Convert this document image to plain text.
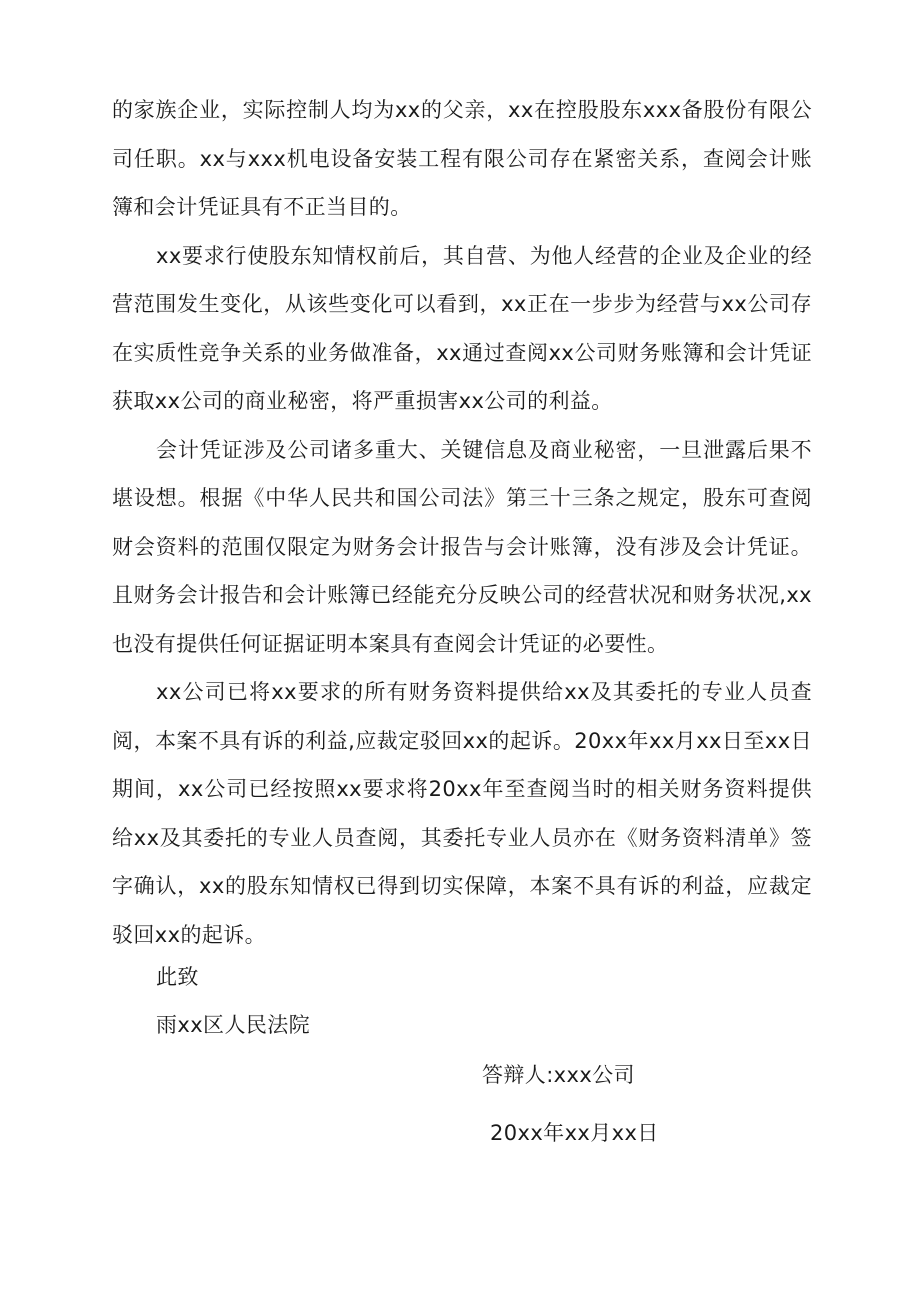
的家族企业，实际控制人均为xx的父亲，xx在控股股东xxx备股份有限公司任职。xx与xxx机电设备安装工程有限公司存在紧密关系，查阅会计账簿和会计凭证具有不正当目的。

xx要求行使股东知情权前后，其自营、为他人经营的企业及企业的经营范围发生变化，从该些变化可以看到，xx正在一步步为经营与xx公司存在实质性竞争关系的业务做准备，xx通过查阅xx公司财务账簿和会计凭证获取xx公司的商业秘密，将严重损害xx公司的利益。

会计凭证涉及公司诸多重大、关键信息及商业秘密，一旦泄露后果不堪设想。根据《中华人民共和国公司法》第三十三条之规定，股东可查阅财会资料的范围仅限定为财务会计报告与会计账簿，没有涉及会计凭证。且财务会计报告和会计账簿已经能充分反映公司的经营状况和财务状况,xx也没有提供任何证据证明本案具有查阅会计凭证的必要性。

xx公司已将xx要求的所有财务资料提供给xx及其委托的专业人员查阅，本案不具有诉的利益,应裁定驳回xx的起诉。20xx年xx月xx日至xx日期间，xx公司已经按照xx要求将20xx年至查阅当时的相关财务资料提供给xx及其委托的专业人员查阅，其委托专业人员亦在《财务资料清单》签字确认，xx的股东知情权已得到切实保障，本案不具有诉的利益，应裁定驳回xx的起诉。

此致
雨xx区人民法院
答辩人:xxx公司
20xx年xx月xx日
